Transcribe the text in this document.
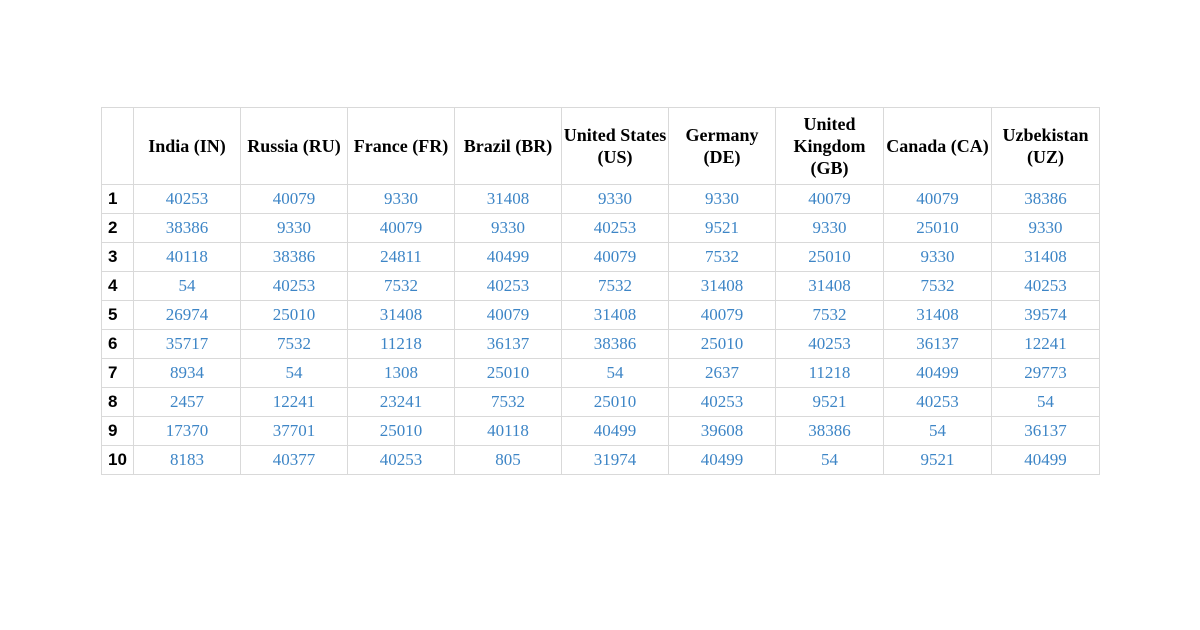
	India (IN)	Russia (RU)	France (FR)	Brazil (BR)	United States (US)	Germany (DE)	United Kingdom (GB)	Canada (CA)	Uzbekistan (UZ)
1	40253	40079	9330	31408	9330	9330	40079	40079	38386
2	38386	9330	40079	9330	40253	9521	9330	25010	9330
3	40118	38386	24811	40499	40079	7532	25010	9330	31408
4	54	40253	7532	40253	7532	31408	31408	7532	40253
5	26974	25010	31408	40079	31408	40079	7532	31408	39574
6	35717	7532	11218	36137	38386	25010	40253	36137	12241
7	8934	54	1308	25010	54	2637	11218	40499	29773
8	2457	12241	23241	7532	25010	40253	9521	40253	54
9	17370	37701	25010	40118	40499	39608	38386	54	36137
10	8183	40377	40253	805	31974	40499	54	9521	40499
